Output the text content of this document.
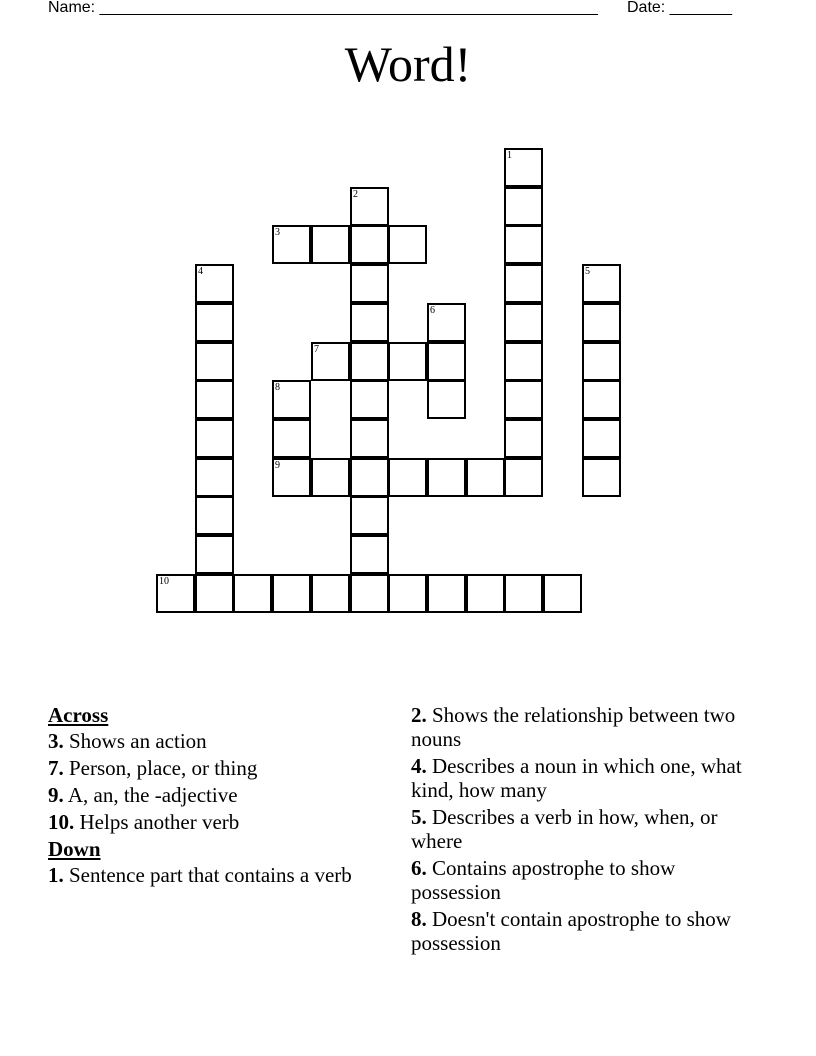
Name: ________________________________________________________ Date: _______
Word!
1
2
3
4	5
6
7
8
9
10
Across
3. Shows an action
7. Person, place, or thing
9. A, an, the -adjective
10. Helps another verb
Down
1. Sentence part that contains a verb
2. Shows the relationship between two nouns
4. Describes a noun in which one, what kind, how many
5. Describes a verb in how, when, or where
6. Contains apostrophe to show possession
8. Doesn't contain apostrophe to show possession
